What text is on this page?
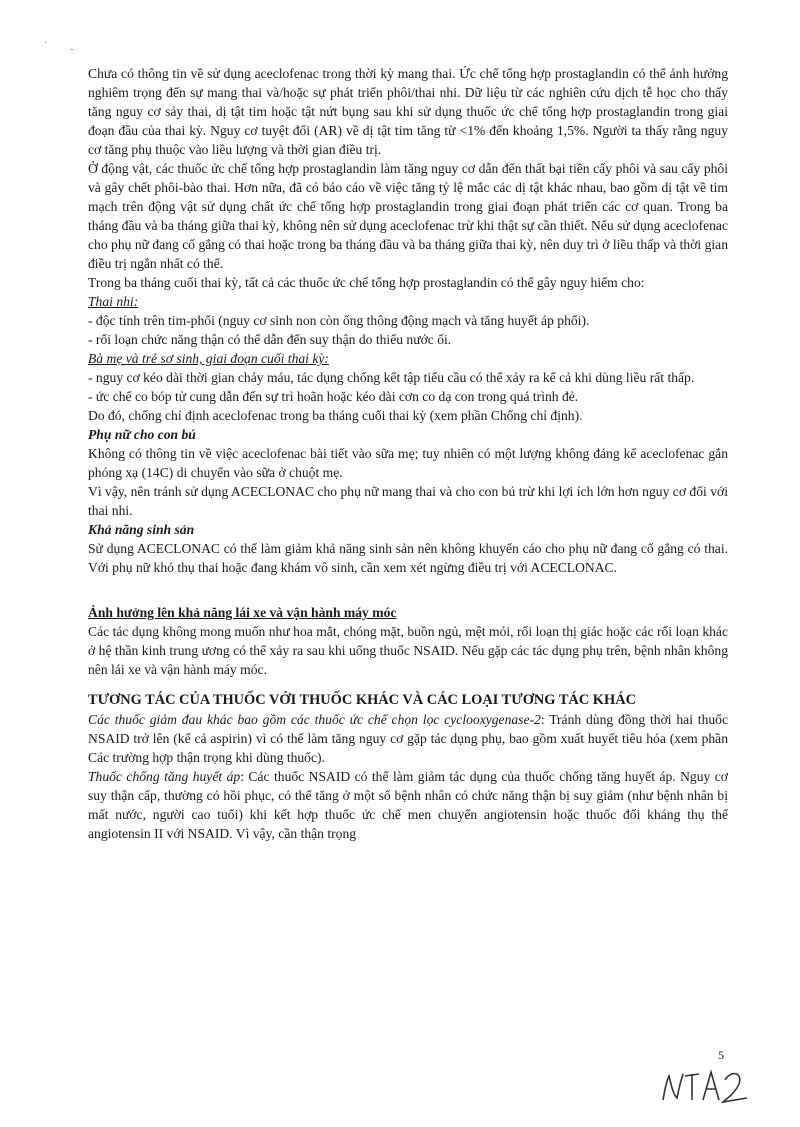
·
-

Chưa có thông tin về sử dụng aceclofenac trong thời kỳ mang thai. Ức chế tổng hợp prostaglandin có thể ảnh hưởng nghiêm trọng đến sự mang thai và/hoặc sự phát triển phôi/thai nhi. Dữ liệu từ các nghiên cứu dịch tễ học cho thấy tăng nguy cơ sảy thai, dị tật tim hoặc tật nứt bụng sau khi sử dụng thuốc ức chế tổng hợp prostaglandin trong giai đoạn đầu của thai kỳ. Nguy cơ tuyệt đối (AR) về dị tật tim tăng từ <1% đến khoảng 1,5%. Người ta thấy rằng nguy cơ tăng phụ thuộc vào liều lượng và thời gian điều trị.

Ở động vật, các thuốc ức chế tổng hợp prostaglandin làm tăng nguy cơ dẫn đến thất bại tiền cấy phôi và sau cấy phôi và gây chết phôi-bào thai. Hơn nữa, đã có báo cáo về việc tăng tỷ lệ mắc các dị tật khác nhau, bao gồm dị tật về tim mạch trên động vật sử dụng chất ức chế tổng hợp prostaglandin trong giai đoạn phát triển các cơ quan. Trong ba tháng đầu và ba tháng giữa thai kỳ, không nên sử dụng aceclofenac trừ khi thật sự cần thiết. Nếu sử dụng aceclofenac cho phụ nữ đang cố gắng có thai hoặc trong ba tháng đầu và ba tháng giữa thai kỳ, nên duy trì ở liều thấp và thời gian điều trị ngắn nhất có thể.

Trong ba tháng cuối thai kỳ, tất cả các thuốc ức chế tổng hợp prostaglandin có thể gây nguy hiểm cho:

Thai nhi:

- độc tính trên tim-phổi (nguy cơ sinh non còn ống thông động mạch và tăng huyết áp phổi).

- rối loạn chức năng thận có thể dẫn đến suy thận do thiếu nước ối.

Bà mẹ và trẻ sơ sinh, giai đoạn cuối thai kỳ:

- nguy cơ kéo dài thời gian chảy máu, tác dụng chống kết tập tiểu cầu có thể xảy ra kể cả khi dùng liều rất thấp.

- ức chế co bóp tử cung dẫn đến sự trì hoãn hoặc kéo dài cơn co dạ con trong quá trình đẻ.

Do đó, chống chỉ định aceclofenac trong ba tháng cuối thai kỳ (xem phần Chống chỉ định).

Phụ nữ cho con bú

Không có thông tin về việc aceclofenac bài tiết vào sữa mẹ; tuy nhiên có một lượng không đáng kể aceclofenac gắn phóng xạ (14C) di chuyển vào sữa ở chuột mẹ.

Vì vậy, nên tránh sử dụng ACECLONAC cho phụ nữ mang thai và cho con bú trừ khi lợi ích lớn hơn nguy cơ đối với thai nhi.

Khả năng sinh sản

Sử dụng ACECLONAC có thể làm giảm khả năng sinh sản nên không khuyến cáo cho phụ nữ đang cố gắng có thai. Với phụ nữ khó thụ thai hoặc đang khám vô sinh, cần xem xét ngừng điều trị với ACECLONAC.

Ảnh hưởng lên khả năng lái xe và vận hành máy móc

Các tác dụng không mong muốn như hoa mắt, chóng mặt, buồn ngủ, mệt mỏi, rối loạn thị giác hoặc các rối loạn khác ở hệ thần kinh trung ương có thể xảy ra sau khi uống thuốc NSAID. Nếu gặp các tác dụng phụ trên, bệnh nhân không nên lái xe và vận hành máy móc.

TƯƠNG TÁC CỦA THUỐC VỚI THUỐC KHÁC VÀ CÁC LOẠI TƯƠNG TÁC KHÁC

Các thuốc giảm đau khác bao gồm các thuốc ức chế chọn lọc cyclooxygenase-2: Tránh dùng đồng thời hai thuốc NSAID trở lên (kể cả aspirin) vì có thể làm tăng nguy cơ gặp tác dụng phụ, bao gồm xuất huyết tiêu hóa (xem phần Các trường hợp thận trọng khi dùng thuốc).

Thuốc chống tăng huyết áp: Các thuốc NSAID có thể làm giảm tác dụng của thuốc chống tăng huyết áp. Nguy cơ suy thận cấp, thường có hồi phục, có thể tăng ở một số bệnh nhân có chức năng thận bị suy giảm (như bệnh nhân bị mất nước, người cao tuổi) khi kết hợp thuốc ức chế men chuyển angiotensin hoặc thuốc đối kháng thụ thể angiotensin II với NSAID. Vì vậy, cần thận trọng

5
